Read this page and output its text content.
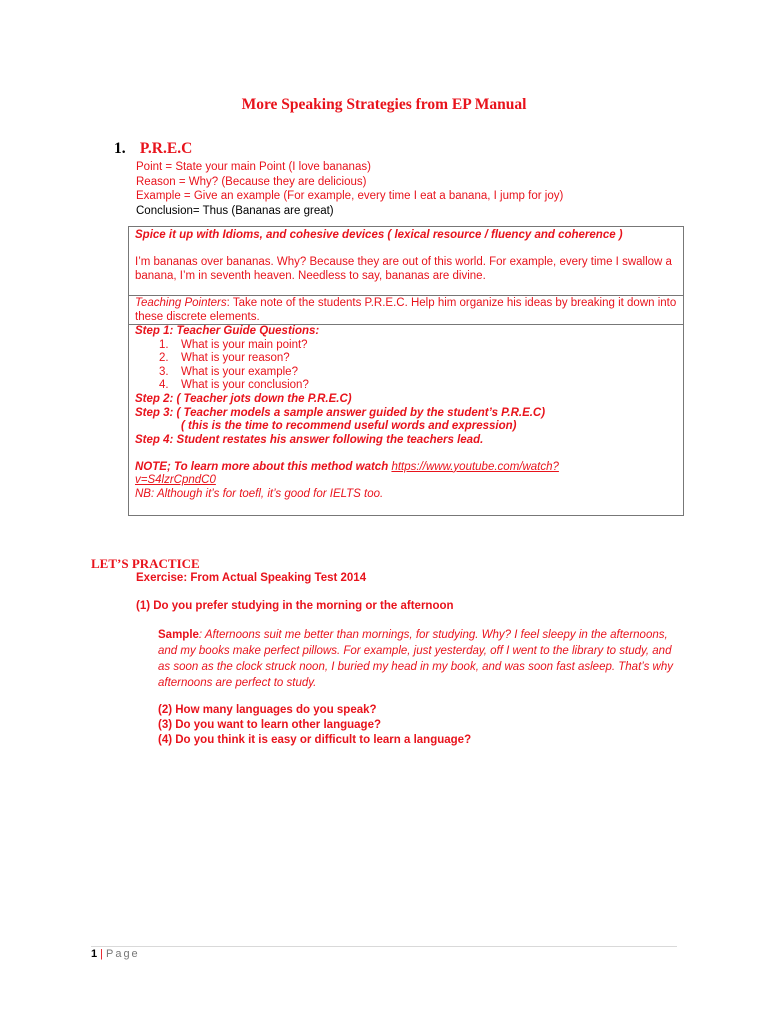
More Speaking Strategies from EP Manual
1. P.R.E.C
Point = State your main Point (I love bananas)
Reason = Why? (Because they are delicious)
Example = Give an example (For example, every time I eat a banana, I jump for joy)
Conclusion= Thus (Bananas are great)
Spice it up with Idioms, and cohesive devices ( lexical resource / fluency and coherence )
I’m bananas over bananas. Why? Because they are out of this world. For example, every time I swallow a banana, I’m in seventh heaven. Needless to say, bananas are divine.
Teaching Pointers: Take note of the students P.R.E.C. Help him organize his ideas by breaking it down into these discrete elements.
Step 1: Teacher Guide Questions:
1.	What is your main point?
2.	What is your reason?
3.	What is your example?
4.	What is your conclusion?
Step 2: ( Teacher jots down the P.R.E.C)
Step 3: ( Teacher models a sample answer guided by the student’s P.R.E.C)
( this is the time to recommend useful words and expression)
Step 4: Student restates his answer following the teachers lead.
NOTE; To learn more about this method watch https://www.youtube.com/watch?
v=S4lzrCpndC0
NB: Although it’s for toefl, it’s good for IELTS too.
LET’S PRACTICE
Exercise: From Actual Speaking Test 2014
(1) Do you prefer studying in the morning or the afternoon
Sample: Afternoons suit me better than mornings, for studying. Why? I feel sleepy in the afternoons, and my books make perfect pillows. For example, just yesterday, off I went to the library to study, and as soon as the clock struck noon, I buried my head in my book, and was soon fast asleep. That’s why afternoons are perfect to study.
(2) How many languages do you speak?
(3) Do you want to learn other language?
(4) Do you think it is easy or difficult to learn a language?
1 | Page
